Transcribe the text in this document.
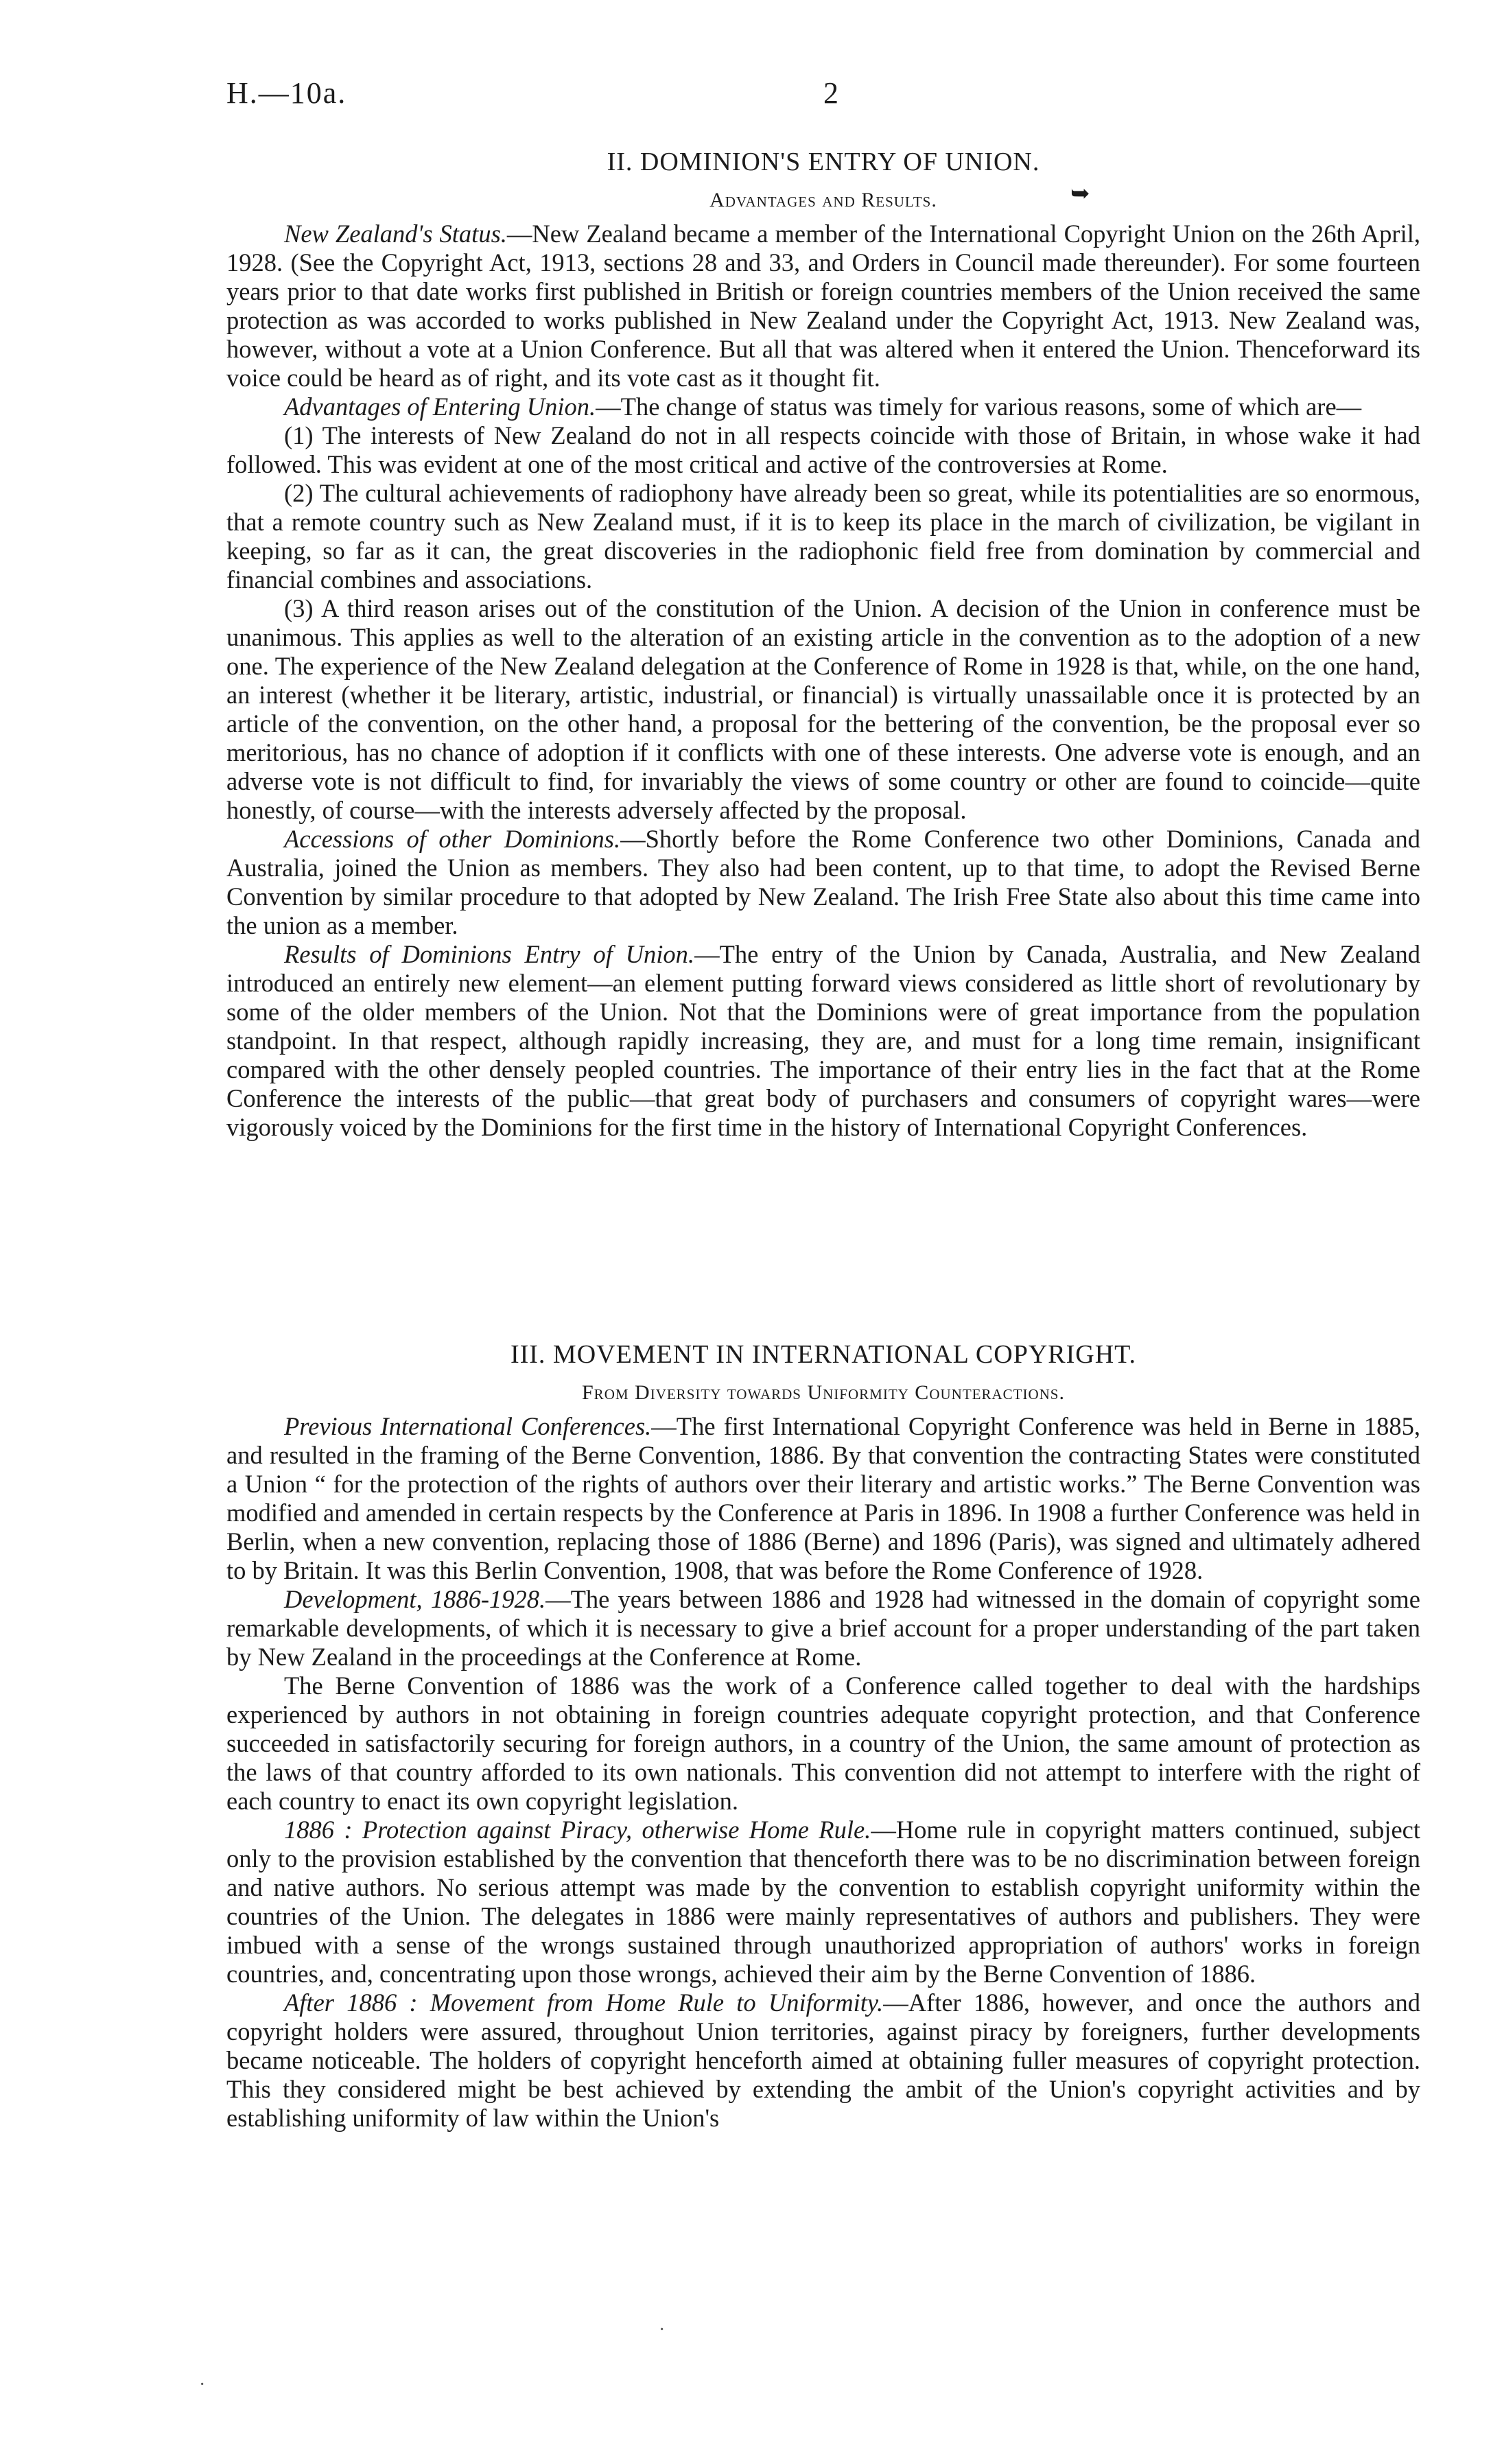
H.—10a.	2
➥
II. DOMINION'S ENTRY OF UNION.
Advantages and Results.

New Zealand's Status.—New Zealand became a member of the International Copyright Union on the 26th April, 1928. (See the Copyright Act, 1913, sections 28 and 33, and Orders in Council made thereunder). For some fourteen years prior to that date works first published in British or foreign countries members of the Union received the same protection as was accorded to works published in New Zealand under the Copyright Act, 1913. New Zealand was, however, without a vote at a Union Conference. But all that was altered when it entered the Union. Thenceforward its voice could be heard as of right, and its vote cast as it thought fit.

Advantages of Entering Union.—The change of status was timely for various reasons, some of which are—

(1) The interests of New Zealand do not in all respects coincide with those of Britain, in whose wake it had followed. This was evident at one of the most critical and active of the controversies at Rome.

(2) The cultural achievements of radiophony have already been so great, while its potentialities are so enormous, that a remote country such as New Zealand must, if it is to keep its place in the march of civilization, be vigilant in keeping, so far as it can, the great discoveries in the radiophonic field free from domination by commercial and financial combines and associations.

(3) A third reason arises out of the constitution of the Union. A decision of the Union in conference must be unanimous. This applies as well to the alteration of an existing article in the convention as to the adoption of a new one. The experience of the New Zealand delegation at the Conference of Rome in 1928 is that, while, on the one hand, an interest (whether it be literary, artistic, industrial, or financial) is virtually unassailable once it is protected by an article of the convention, on the other hand, a proposal for the bettering of the convention, be the proposal ever so meritorious, has no chance of adoption if it conflicts with one of these interests. One adverse vote is enough, and an adverse vote is not difficult to find, for invariably the views of some country or other are found to coincide—quite honestly, of course—with the interests adversely affected by the proposal.

Accessions of other Dominions.—Shortly before the Rome Conference two other Dominions, Canada and Australia, joined the Union as members. They also had been content, up to that time, to adopt the Revised Berne Convention by similar procedure to that adopted by New Zealand. The Irish Free State also about this time came into the union as a member.

Results of Dominions Entry of Union.—The entry of the Union by Canada, Australia, and New Zealand introduced an entirely new element—an element putting forward views considered as little short of revolutionary by some of the older members of the Union. Not that the Dominions were of great importance from the population standpoint. In that respect, although rapidly increasing, they are, and must for a long time remain, insignificant compared with the other densely peopled countries. The importance of their entry lies in the fact that at the Rome Conference the interests of the public—that great body of purchasers and consumers of copyright wares—were vigorously voiced by the Dominions for the first time in the history of International Copyright Conferences.

III. MOVEMENT IN INTERNATIONAL COPYRIGHT.
From Diversity towards Uniformity Counteractions.

Previous International Conferences.—The first International Copyright Conference was held in Berne in 1885, and resulted in the framing of the Berne Convention, 1886. By that convention the contracting States were constituted a Union “ for the protection of the rights of authors over their literary and artistic works.” The Berne Convention was modified and amended in certain respects by the Conference at Paris in 1896. In 1908 a further Conference was held in Berlin, when a new convention, replacing those of 1886 (Berne) and 1896 (Paris), was signed and ultimately adhered to by Britain. It was this Berlin Convention, 1908, that was before the Rome Conference of 1928.

Development, 1886-1928.—The years between 1886 and 1928 had witnessed in the domain of copyright some remarkable developments, of which it is necessary to give a brief account for a proper understanding of the part taken by New Zealand in the proceedings at the Conference at Rome.

The Berne Convention of 1886 was the work of a Conference called together to deal with the hardships experienced by authors in not obtaining in foreign countries adequate copyright protection, and that Conference succeeded in satisfactorily securing for foreign authors, in a country of the Union, the same amount of protection as the laws of that country afforded to its own nationals. This convention did not attempt to interfere with the right of each country to enact its own copyright legislation.

1886 : Protection against Piracy, otherwise Home Rule.—Home rule in copyright matters continued, subject only to the provision established by the convention that thenceforth there was to be no discrimination between foreign and native authors. No serious attempt was made by the convention to establish copyright uniformity within the countries of the Union. The delegates in 1886 were mainly representatives of authors and publishers. They were imbued with a sense of the wrongs sustained through unauthorized appropriation of authors' works in foreign countries, and, concentrating upon those wrongs, achieved their aim by the Berne Convention of 1886.

After 1886 : Movement from Home Rule to Uniformity.—After 1886, however, and once the authors and copyright holders were assured, throughout Union territories, against piracy by foreigners, further developments became noticeable. The holders of copyright henceforth aimed at obtaining fuller measures of copyright protection. This they considered might be best achieved by extending the ambit of the Union's copyright activities and by establishing uniformity of law within the Union's

·
·
